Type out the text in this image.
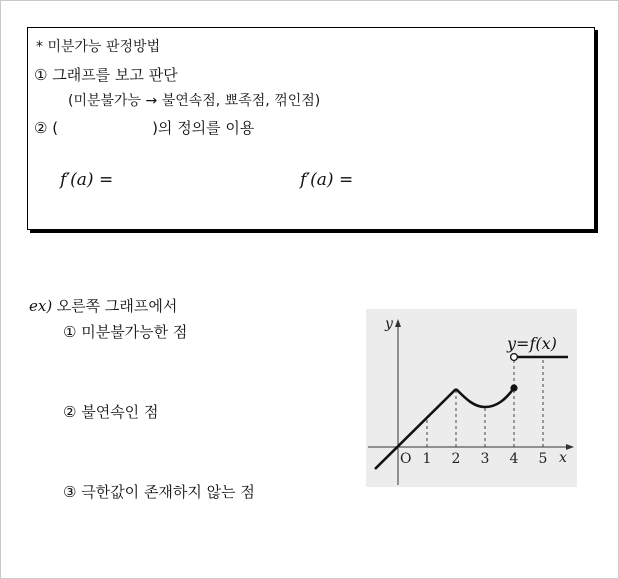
* 미분가능 판정방법
① 그래프를 보고 판단
(미분불가능 → 불연속점, 뾰족점, 꺾인점)
② (	)의 정의를 이용
f′(a) =	f′(a) =
ex) 오른쪽 그래프에서
① 미분불가능한 점
② 불연속인 점
③ 극한값이 존재하지 않는 점
y
x
O 1 2 3 4 5
y=f(x)
